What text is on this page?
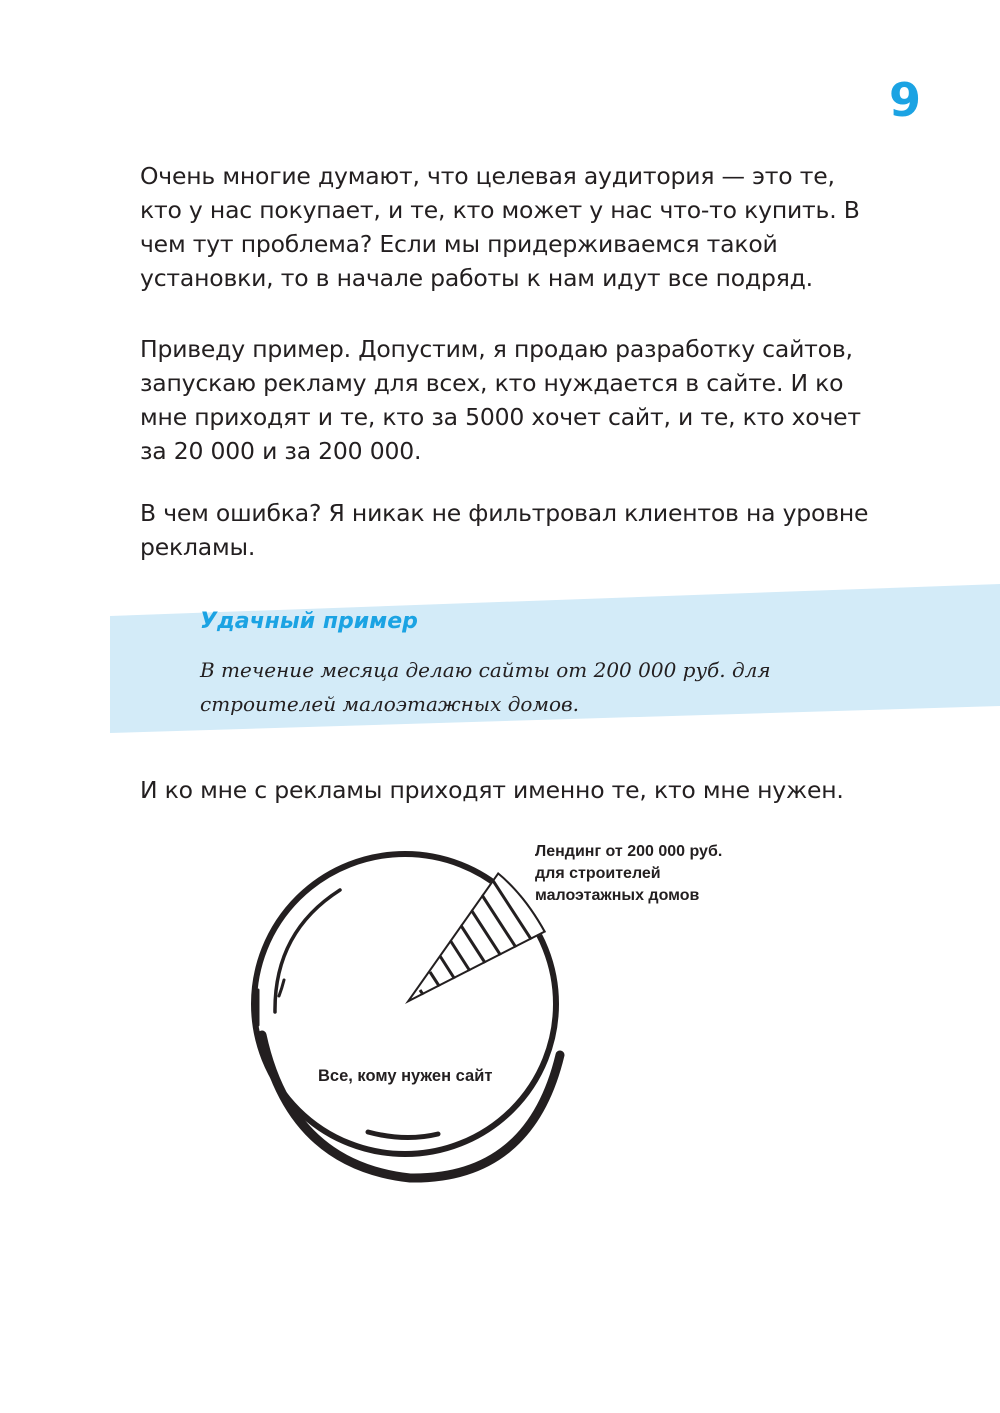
9

Очень многие думают, что целевая аудитория — это те, кто у нас покупает, и те, кто может у нас что-то купить. В чем тут проблема? Если мы придерживаемся такой установки, то в начале работы к нам идут все подряд.

Приведу пример. Допустим, я продаю разработку сайтов, запускаю рекламу для всех, кто нуждается в сайте. И ко мне приходят и те, кто за 5000 хочет сайт, и те, кто хочет за 20 000 и за 200 000.

В чем ошибка? Я никак не фильтровал клиентов на уровне рекламы.

Удачный пример

В течение месяца делаю сайты от 200 000 руб. для строителей малоэтажных домов.

И ко мне с рекламы приходят именно те, кто мне нужен.

Лендинг от 200 000 руб.
для строителей
малоэтажных домов
Все, кому нужен сайт
